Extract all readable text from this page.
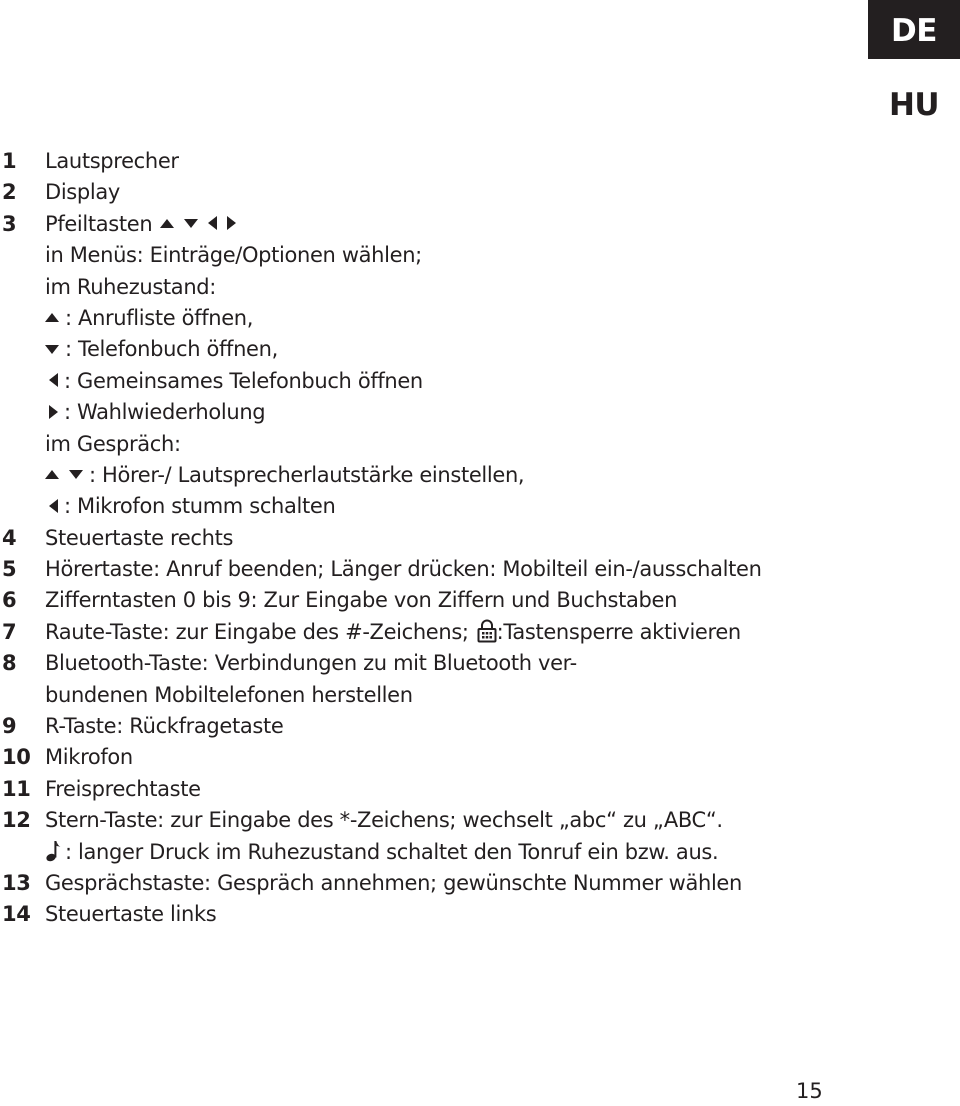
DE
HU
1	Lautsprecher
2	Display
3	Pfeiltasten
in Menüs: Einträge/Optionen wählen;
im Ruhezustand:
: Anrufliste öffnen,
: Telefonbuch öffnen,
: Gemeinsames Telefonbuch öffnen
: Wahlwiederholung
im Gespräch:
: Hörer-/ Lautsprecherlautstärke einstellen,
: Mikrofon stumm schalten
4	Steuertaste rechts
5	Hörertaste: Anruf beenden; Länger drücken: Mobilteil ein-/ausschalten
6	Zifferntasten 0 bis 9: Zur Eingabe von Ziffern und Buchstaben
7	Raute-Taste: zur Eingabe des #-Zeichens; :Tastensperre aktivieren
8	Bluetooth-Taste: Verbindungen zu mit Bluetooth ver-
bundenen Mobiltelefonen herstellen
9	R-Taste: Rückfragetaste
10 Mikrofon
11 Freisprechtaste
12 Stern-Taste: zur Eingabe des *-Zeichens; wechselt „abc“ zu „ABC“.
: langer Druck im Ruhezustand schaltet den Tonruf ein bzw. aus.
13 Gesprächstaste: Gespräch annehmen; gewünschte Nummer wählen
14 Steuertaste links
15
